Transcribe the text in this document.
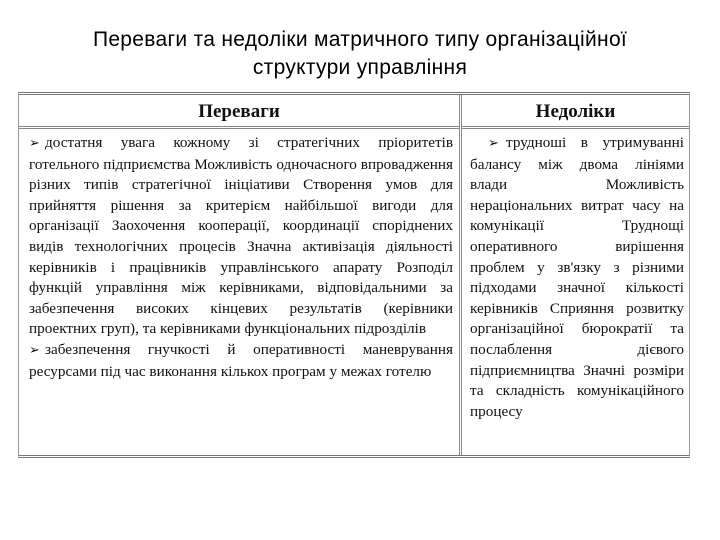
Переваги та недоліки матричного типу організаційної
структури управління
Переваги

➢ достатня увага кожному зі стратегічних пріоритетів готельного підприємства Можливість одночасного впровадження різних типів стратегічної ініціативи Створення умов для прийняття рішення за критерієм найбільшої вигоди для організації Заохочення кооперації, координації споріднених видів технологічних процесів Значна активізація діяльності керівників і працівників управлінського апарату Розподіл функцій управління між керівниками, відповідальними за забезпечення високих кінцевих результатів (керівники проектних груп), та керівниками функціональних підрозділів

➢ забезпечення гнучкості й оперативності маневрування ресурсами під час виконання кількох програм у межах готелю

Недоліки

➢ трудноші в утримуванні балансу між двома лініями влади Можливість нераціональних витрат часу на комунікації Труднощі оперативного вирішення проблем у зв'язку з різними підходами значної кількості керівників Сприяння розвитку організаційної бюрократії та послаблення дієвого підприємництва Значні розміри та складність комунікаційного процесу
